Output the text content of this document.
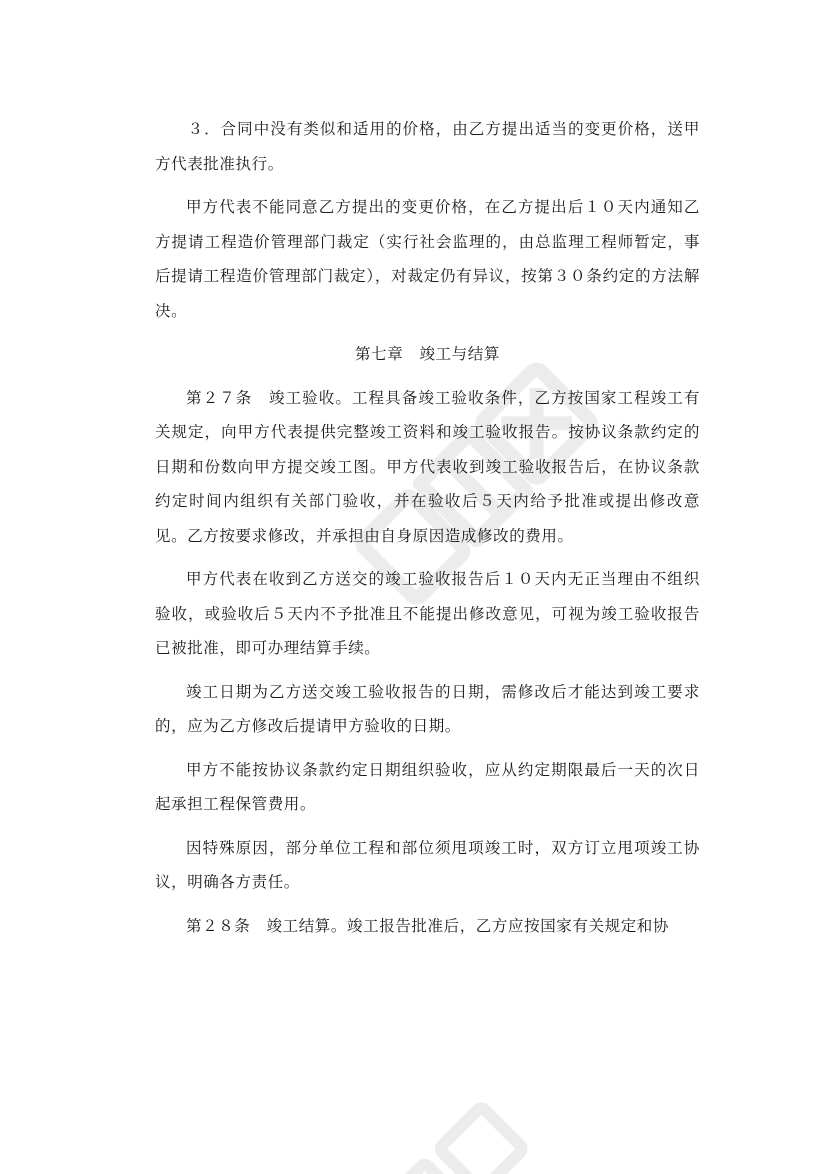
３．合同中没有类似和适用的价格，由乙方提出适当的变更价格，送甲方代表批准执行。

甲方代表不能同意乙方提出的变更价格，在乙方提出后１０天内通知乙方提请工程造价管理部门裁定（实行社会监理的，由总监理工程师暂定，事后提请工程造价管理部门裁定），对裁定仍有异议，按第３０条约定的方法解决。

第七章　竣工与结算

第２７条　竣工验收。工程具备竣工验收条件，乙方按国家工程竣工有关规定，向甲方代表提供完整竣工资料和竣工验收报告。按协议条款约定的日期和份数向甲方提交竣工图。甲方代表收到竣工验收报告后，在协议条款约定时间内组织有关部门验收，并在验收后５天内给予批准或提出修改意见。乙方按要求修改，并承担由自身原因造成修改的费用。

甲方代表在收到乙方送交的竣工验收报告后１０天内无正当理由不组织验收，或验收后５天内不予批准且不能提出修改意见，可视为竣工验收报告已被批准，即可办理结算手续。

竣工日期为乙方送交竣工验收报告的日期，需修改后才能达到竣工要求的，应为乙方修改后提请甲方验收的日期。

甲方不能按协议条款约定日期组织验收，应从约定期限最后一天的次日起承担工程保管费用。

因特殊原因，部分单位工程和部位须甩项竣工时，双方订立甩项竣工协议，明确各方责任。

第２８条　竣工结算。竣工报告批准后，乙方应按国家有关规定和协
